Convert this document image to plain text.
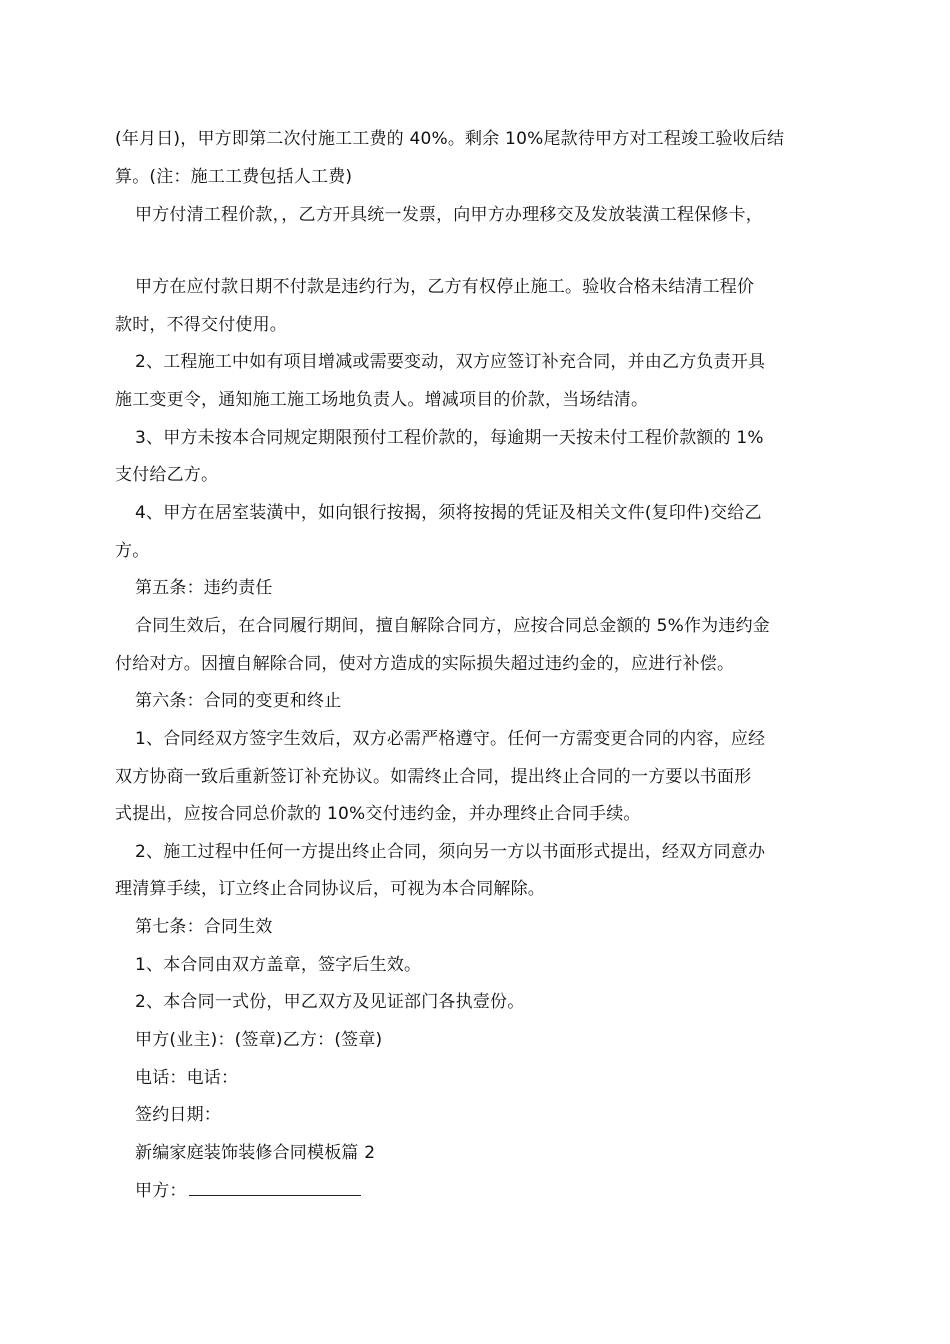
(年月日)，甲方即第二次付施工工费的 40%。剩余 10%尾款待甲方对工程竣工验收后结
算。(注：施工工费包括人工费)
甲方付清工程价款，，乙方开具统一发票，向甲方办理移交及发放装潢工程保修卡，
甲方在应付款日期不付款是违约行为，乙方有权停止施工。验收合格未结清工程价
款时，不得交付使用。
2、工程施工中如有项目增减或需要变动，双方应签订补充合同，并由乙方负责开具
施工变更令，通知施工施工场地负责人。增减项目的价款，当场结清。
3、甲方未按本合同规定期限预付工程价款的，每逾期一天按未付工程价款额的 1%
支付给乙方。
4、甲方在居室装潢中，如向银行按揭，须将按揭的凭证及相关文件(复印件)交给乙
方。
第五条：违约责任
合同生效后，在合同履行期间，擅自解除合同方，应按合同总金额的 5%作为违约金
付给对方。因擅自解除合同，使对方造成的实际损失超过违约金的，应进行补偿。
第六条：合同的变更和终止
1、合同经双方签字生效后，双方必需严格遵守。任何一方需变更合同的内容，应经
双方协商一致后重新签订补充协议。如需终止合同，提出终止合同的一方要以书面形
式提出，应按合同总价款的 10%交付违约金，并办理终止合同手续。
2、施工过程中任何一方提出终止合同，须向另一方以书面形式提出，经双方同意办
理清算手续，订立终止合同协议后，可视为本合同解除。
第七条：合同生效
1、本合同由双方盖章，签字后生效。
2、本合同一式份，甲乙双方及见证部门各执壹份。
甲方(业主)：(签章)乙方：(签章)
电话：电话：
签约日期：
新编家庭装饰装修合同模板篇 2
甲方：
